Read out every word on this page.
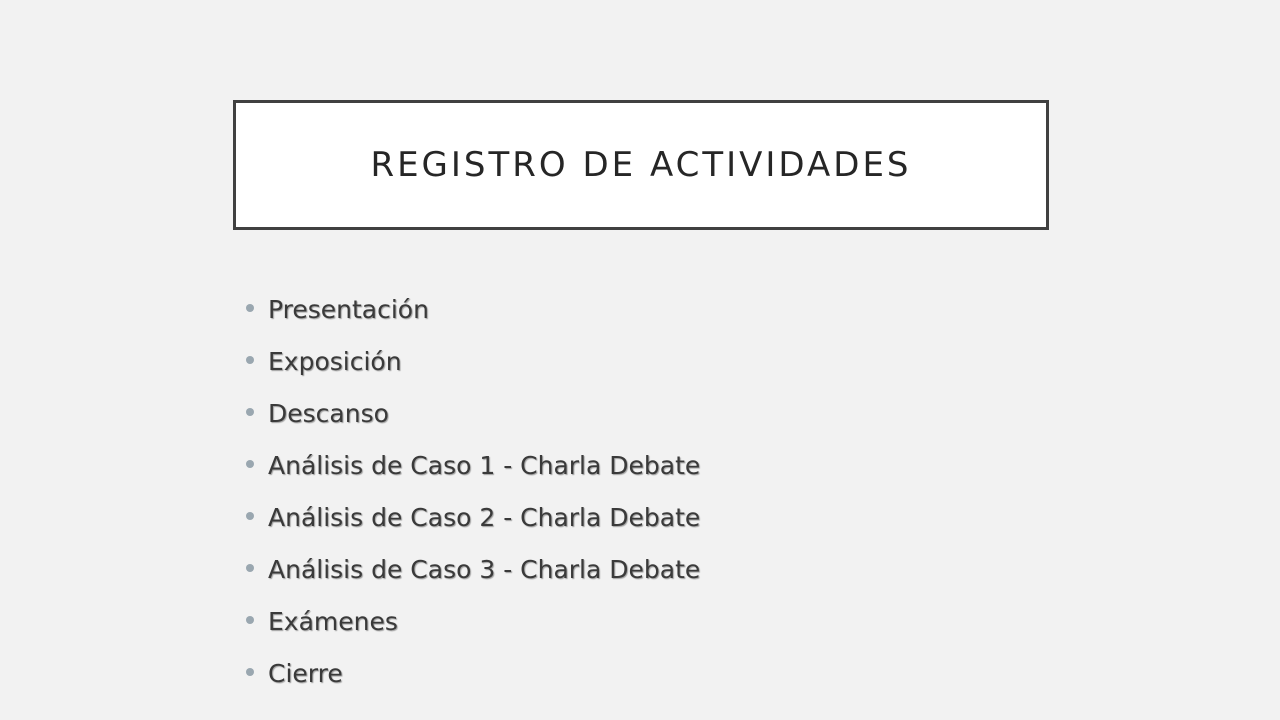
REGISTRO DE ACTIVIDADES
Presentación
Exposición
Descanso
Análisis de Caso 1 - Charla Debate
Análisis de Caso 2 - Charla Debate
Análisis de Caso 3 - Charla Debate
Exámenes
Cierre
